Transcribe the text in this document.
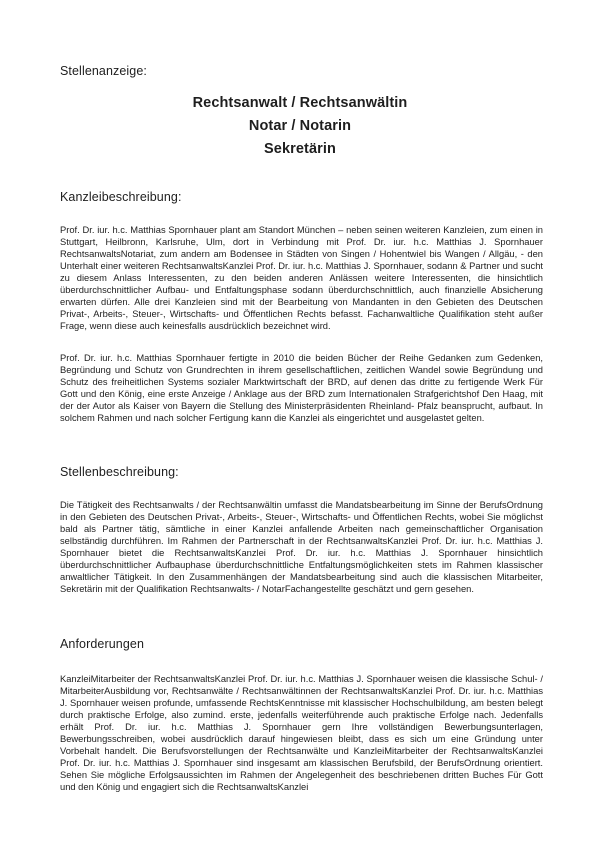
Stellenanzeige:
Rechtsanwalt / Rechtsanwältin
Notar / Notarin
Sekretärin
Kanzleibeschreibung:

Prof. Dr. iur. h.c. Matthias Spornhauer plant am Standort München – neben seinen weiteren Kanzleien, zum einen in Stuttgart, Heilbronn, Karlsruhe, Ulm, dort in Verbindung mit Prof. Dr. iur. h.c. Matthias J. Spornhauer RechtsanwaltsNotariat, zum andern am Bodensee in Städten von Singen / Hohentwiel bis Wangen / Allgäu, - den Unterhalt einer weiteren RechtsanwaltsKanzlei Prof. Dr. iur. h.c. Matthias J. Spornhauer, sodann & Partner und sucht zu diesem Anlass Interessenten, zu den beiden anderen Anlässen weitere Interessenten, die hinsichtlich überdurchschnittlicher Aufbau- und Entfaltungsphase sodann überdurchschnittlich, auch finanzielle Absicherung erwarten dürfen. Alle drei Kanzleien sind mit der Bearbeitung von Mandanten in den Gebieten des Deutschen Privat-, Arbeits-, Steuer-, Wirtschafts- und Öffentlichen Rechts befasst. Fachanwaltliche Qualifikation steht außer Frage, wenn diese auch keinesfalls ausdrücklich bezeichnet wird.

Prof. Dr. iur. h.c. Matthias Spornhauer fertigte in 2010 die beiden Bücher der Reihe Gedanken zum Gedenken, Begründung und Schutz von Grundrechten in ihrem gesellschaftlichen, zeitlichen Wandel sowie Begründung und Schutz des freiheitlichen Systems sozialer Marktwirtschaft der BRD, auf denen das dritte zu fertigende Werk Für Gott und den König, eine erste Anzeige / Anklage aus der BRD zum Internationalen Strafgerichtshof Den Haag, mit der der Autor als Kaiser von Bayern die Stellung des Ministerpräsidenten Rheinland- Pfalz beansprucht, aufbaut. In solchem Rahmen und nach solcher Fertigung kann die Kanzlei als eingerichtet und ausgelastet gelten.

Stellenbeschreibung:

Die Tätigkeit des Rechtsanwalts / der Rechtsanwältin umfasst die Mandatsbearbeitung im Sinne der BerufsOrdnung in den Gebieten des Deutschen Privat-, Arbeits-, Steuer-, Wirtschafts- und Öffentlichen Rechts, wobei Sie möglichst bald als Partner tätig, sämtliche in einer Kanzlei anfallende Arbeiten nach gemeinschaftlicher Organisation selbständig durchführen. Im Rahmen der Partnerschaft in der RechtsanwaltsKanzlei Prof. Dr. iur. h.c. Matthias J. Spornhauer bietet die RechtsanwaltsKanzlei Prof. Dr. iur. h.c. Matthias J. Spornhauer hinsichtlich überdurchschnittlicher Aufbauphase überdurchschnittliche Entfaltungsmöglichkeiten stets im Rahmen klassischer anwaltlicher Tätigkeit. In den Zusammenhängen der Mandatsbearbeitung sind auch die klassischen Mitarbeiter, Sekretärin mit der Qualifikation Rechtsanwalts- / NotarFachangestellte geschätzt und gern gesehen.

Anforderungen

KanzleiMitarbeiter der RechtsanwaltsKanzlei Prof. Dr. iur. h.c. Matthias J. Spornhauer weisen die klassische Schul- / MitarbeiterAusbildung vor, Rechtsanwälte / Rechtsanwältinnen der RechtsanwaltsKanzlei Prof. Dr. iur. h.c. Matthias J. Spornhauer weisen profunde, umfassende RechtsKenntnisse mit klassischer Hochschulbildung, am besten belegt durch praktische Erfolge, also zumind. erste, jedenfalls weiterführende auch praktische Erfolge nach. Jedenfalls erhält Prof. Dr. iur. h.c. Matthias J. Spornhauer gern Ihre vollständigen Bewerbungsunterlagen, Bewerbungsschreiben, wobei ausdrücklich darauf hingewiesen bleibt, dass es sich um eine Gründung unter Vorbehalt handelt. Die Berufsvorstellungen der Rechtsanwälte und KanzleiMitarbeiter der RechtsanwaltsKanzlei Prof. Dr. iur. h.c. Matthias J. Spornhauer sind insgesamt am klassischen Berufsbild, der BerufsOrdnung orientiert. Sehen Sie mögliche Erfolgsaussichten im Rahmen der Angelegenheit des beschriebenen dritten Buches Für Gott und den König und engagiert sich die RechtsanwaltsKanzlei
